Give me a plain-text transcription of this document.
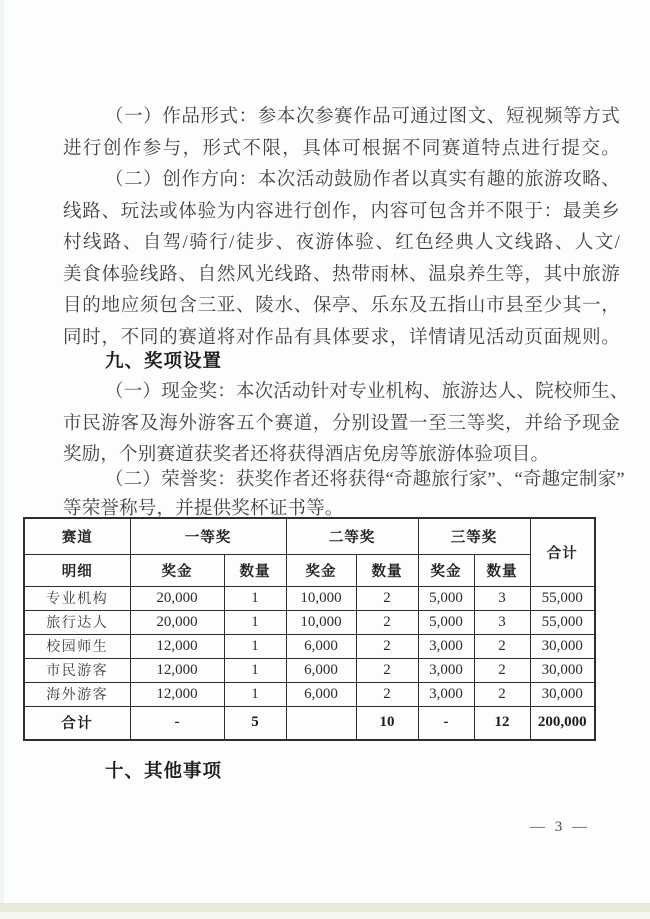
（一）作品形式：参本次参赛作品可通过图文、短视频等方式
进行创作参与，形式不限，具体可根据不同赛道特点进行提交。
（二）创作方向：本次活动鼓励作者以真实有趣的旅游攻略、
线路、玩法或体验为内容进行创作，内容可包含并不限于：最美乡
村线路、自驾/骑行/徒步、夜游体验、红色经典人文线路、人文/
美食体验线路、自然风光线路、热带雨林、温泉养生等，其中旅游
目的地应须包含三亚、陵水、保亭、乐东及五指山市县至少其一，
同时，不同的赛道将对作品有具体要求，详情请见活动页面规则。
九、奖项设置
（一）现金奖：本次活动针对专业机构、旅游达人、院校师生、
市民游客及海外游客五个赛道，分别设置一至三等奖，并给予现金
奖励，个别赛道获奖者还将获得酒店免房等旅游体验项目。
（二）荣誉奖：获奖作者还将获得“奇趣旅行家”、“奇趣定制家”
等荣誉称号，并提供奖杯证书等。
赛道	一等奖		二等奖		三等奖		合计
明细	奖金	数量	奖金	数量	奖金	数量	
专业机构	20,000	1	10,000	2	5,000	3	55,000
旅行达人	20,000	1	10,000	2	5,000	3	55,000
校园师生	12,000	1	6,000	2	3,000	2	30,000
市民游客	12,000	1	6,000	2	3,000	2	30,000
海外游客	12,000	1	6,000	2	3,000	2	30,000
合计	-	5		10	-	12	200,000
十、其他事项
— 3 —
